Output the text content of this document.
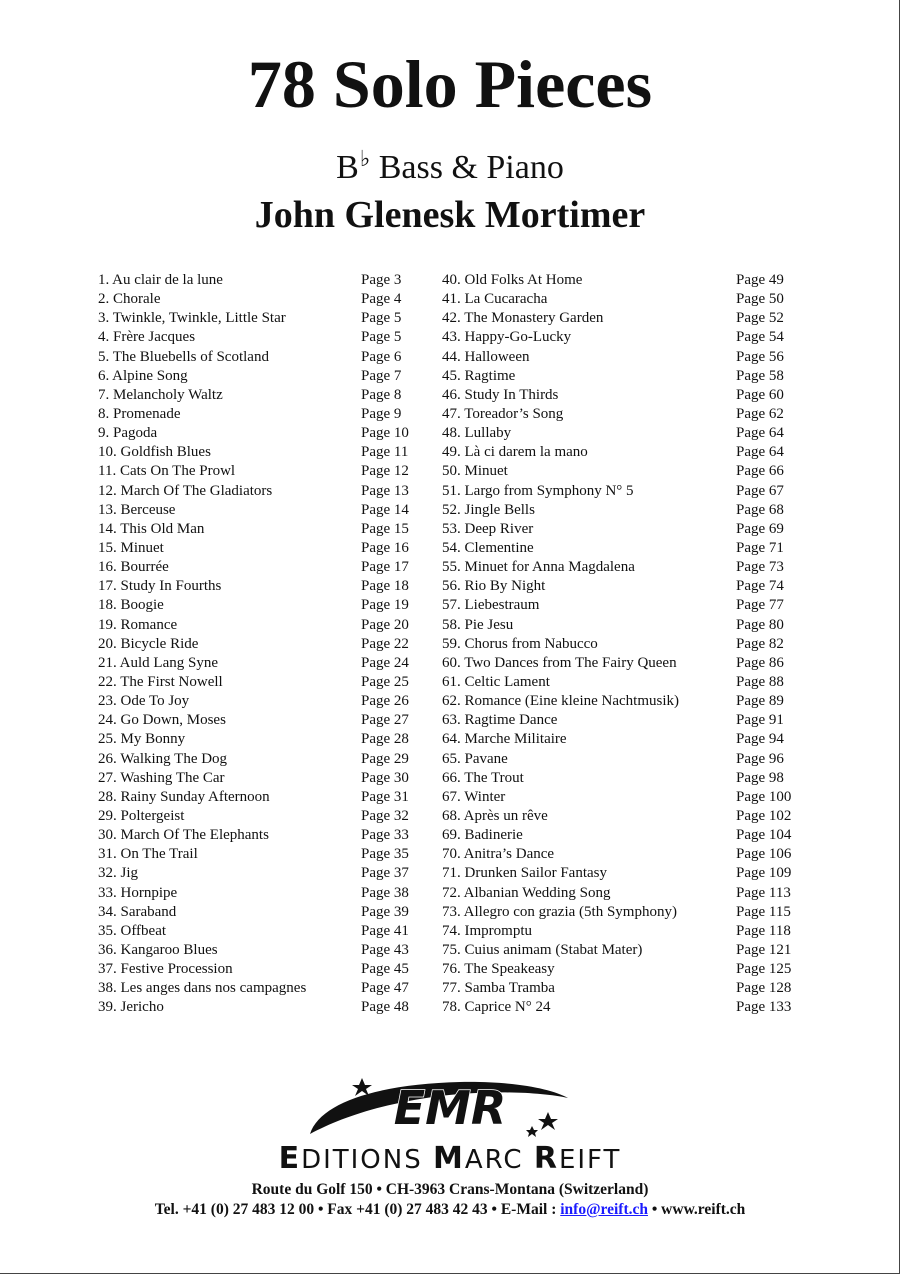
78 Solo Pieces
B♭ Bass & Piano
John Glenesk Mortimer
1. Au clair de la lune	Page 3
2. Chorale	Page 4
3. Twinkle, Twinkle, Little Star	Page 5
4. Frère Jacques	Page 5
5. The Bluebells of Scotland	Page 6
6. Alpine Song	Page 7
7. Melancholy Waltz	Page 8
8. Promenade	Page 9
9. Pagoda	Page 10
10. Goldfish Blues	Page 11
11. Cats On The Prowl	Page 12
12. March Of The Gladiators	Page 13
13. Berceuse	Page 14
14. This Old Man	Page 15
15. Minuet	Page 16
16. Bourrée	Page 17
17. Study In Fourths	Page 18
18. Boogie	Page 19
19. Romance	Page 20
20. Bicycle Ride	Page 22
21. Auld Lang Syne	Page 24
22. The First Nowell	Page 25
23. Ode To Joy	Page 26
24. Go Down, Moses	Page 27
25. My Bonny	Page 28
26. Walking The Dog	Page 29
27. Washing The Car	Page 30
28. Rainy Sunday Afternoon	Page 31
29. Poltergeist	Page 32
30. March Of The Elephants	Page 33
31. On The Trail	Page 35
32. Jig	Page 37
33. Hornpipe	Page 38
34. Saraband	Page 39
35. Offbeat	Page 41
36. Kangaroo Blues	Page 43
37. Festive Procession	Page 45
38. Les anges dans nos campagnes	Page 47
39. Jericho	Page 48
40. Old Folks At Home	Page 49
41. La Cucaracha	Page 50
42. The Monastery Garden	Page 52
43. Happy-Go-Lucky	Page 54
44. Halloween	Page 56
45. Ragtime	Page 58
46. Study In Thirds	Page 60
47. Toreador’s Song	Page 62
48. Lullaby	Page 64
49. Là ci darem la mano	Page 64
50. Minuet	Page 66
51. Largo from Symphony N° 5	Page 67
52. Jingle Bells	Page 68
53. Deep River	Page 69
54. Clementine	Page 71
55. Minuet for Anna Magdalena	Page 73
56. Rio By Night	Page 74
57. Liebestraum	Page 77
58. Pie Jesu	Page 80
59. Chorus from Nabucco	Page 82
60. Two Dances from The Fairy Queen	Page 86
61. Celtic Lament	Page 88
62. Romance (Eine kleine Nachtmusik)	Page 89
63. Ragtime Dance	Page 91
64. Marche Militaire	Page 94
65. Pavane	Page 96
66. The Trout	Page 98
67. Winter	Page 100
68. Après un rêve	Page 102
69. Badinerie	Page 104
70. Anitra’s Dance	Page 106
71. Drunken Sailor Fantasy	Page 109
72. Albanian Wedding Song	Page 113
73. Allegro con grazia (5th Symphony)	Page 115
74. Impromptu	Page 118
75. Cuius animam (Stabat Mater)	Page 121
76. The Speakeasy	Page 125
77. Samba Tramba	Page 128
78. Caprice N° 24	Page 133
EMR
EDITIONS MARC REIFT
Route du Golf 150 • CH-3963 Crans-Montana (Switzerland)
Tel. +41 (0) 27 483 12 00 • Fax +41 (0) 27 483 42 43 • E-Mail : info@reift.ch • www.reift.ch
